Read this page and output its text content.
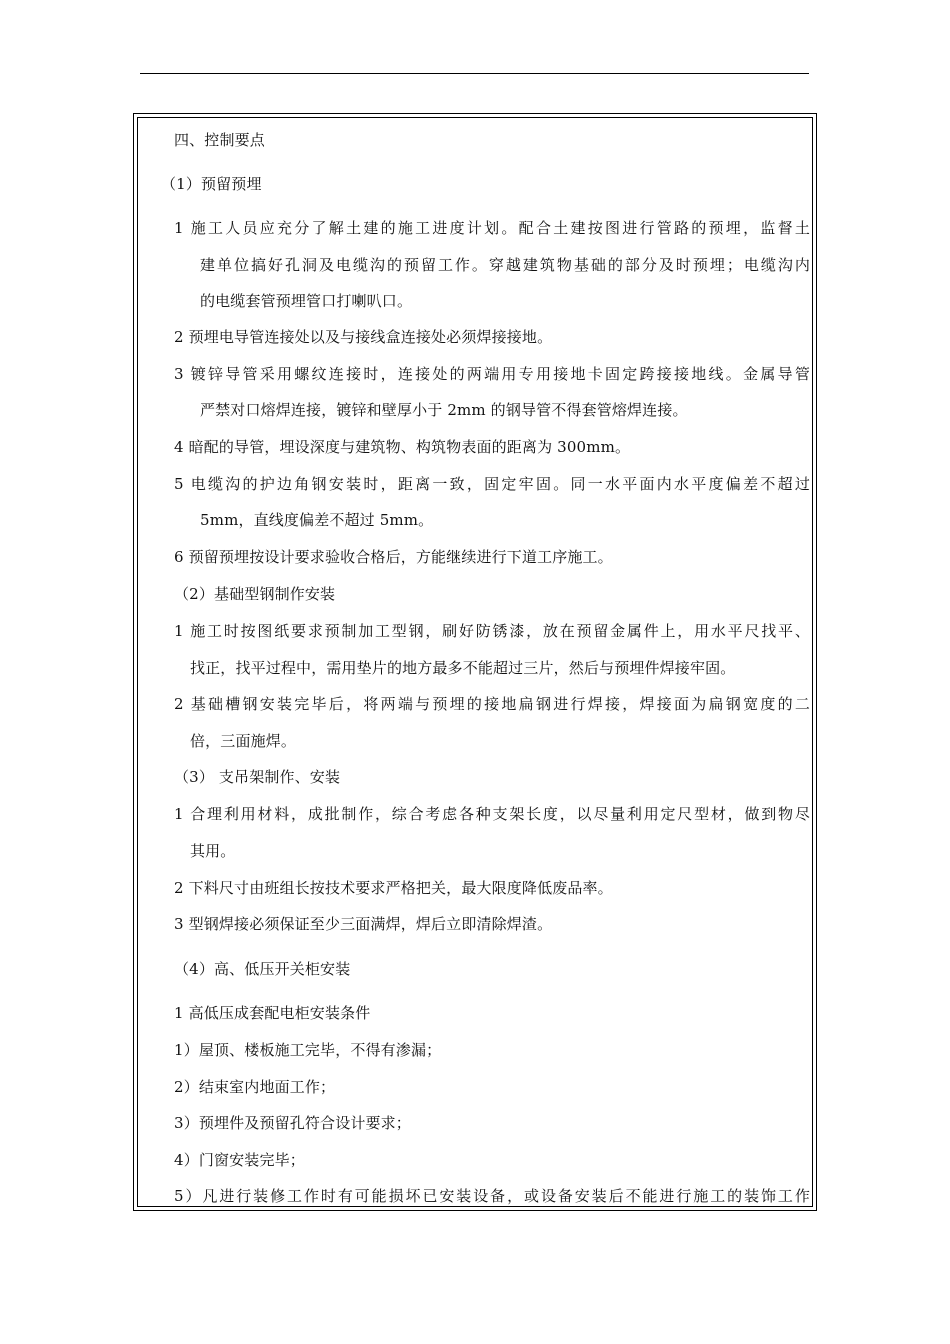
四、控制要点
（1）预留预埋
1 施工人员应充分了解土建的施工进度计划。配合土建按图进行管路的预埋，监督土
建单位搞好孔洞及电缆沟的预留工作。穿越建筑物基础的部分及时预埋；电缆沟内
的电缆套管预埋管口打喇叭口。
2 预埋电导管连接处以及与接线盒连接处必须焊接接地。
3 镀锌导管采用螺纹连接时，连接处的两端用专用接地卡固定跨接接地线。金属导管
严禁对口熔焊连接，镀锌和壁厚小于 2mm 的钢导管不得套管熔焊连接。
4 暗配的导管，埋设深度与建筑物、构筑物表面的距离为 300mm。
5 电缆沟的护边角钢安装时，距离一致，固定牢固。同一水平面内水平度偏差不超过
5mm，直线度偏差不超过 5mm。
6 预留预埋按设计要求验收合格后，方能继续进行下道工序施工。
（2）基础型钢制作安装
1 施工时按图纸要求预制加工型钢，刷好防锈漆，放在预留金属件上，用水平尺找平、
找正，找平过程中，需用垫片的地方最多不能超过三片，然后与预埋件焊接牢固。
2 基础槽钢安装完毕后，将两端与预埋的接地扁钢进行焊接，焊接面为扁钢宽度的二
倍，三面施焊。
（3） 支吊架制作、安装
1 合理利用材料，成批制作，综合考虑各种支架长度，以尽量利用定尺型材，做到物尽
其用。
2 下料尺寸由班组长按技术要求严格把关，最大限度降低废品率。
3 型钢焊接必须保证至少三面满焊，焊后立即清除焊渣。
（4）高、低压开关柜安装
1 高低压成套配电柜安装条件
1）屋顶、楼板施工完毕，不得有渗漏；
2）结束室内地面工作；
3）预埋件及预留孔符合设计要求；
4）门窗安装完毕；
5）凡进行装修工作时有可能损坏已安装设备，或设备安装后不能进行施工的装饰工作
